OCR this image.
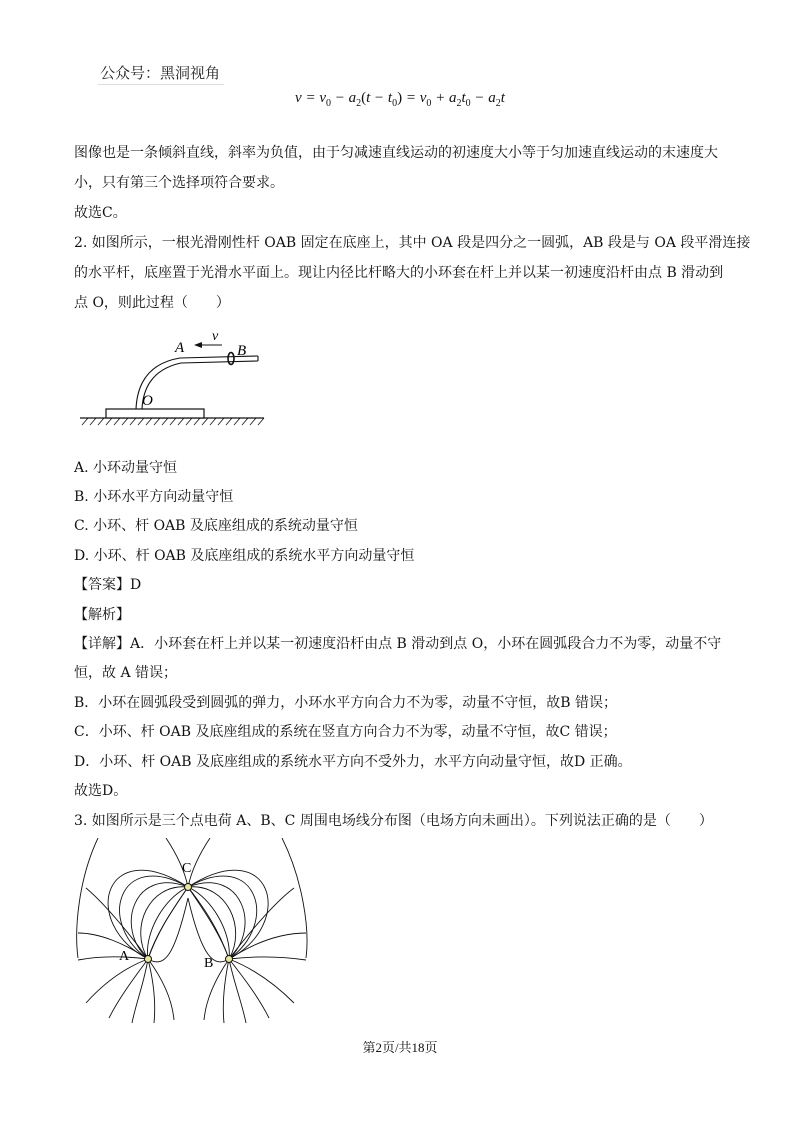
公众号：黑洞视角
$v = v_0 - a_2(t - t_0) = v_0 + a_2t_0 - a_2t$
图像也是一条倾斜直线，斜率为负值，由于匀减速直线运动的初速度大小等于匀加速直线运动的末速度大
小，只有第三个选择项符合要求。
故选C。
2. 如图所示，一根光滑刚性杆 OAB 固定在底座上，其中 OA 段是四分之一圆弧，AB 段是与 OA 段平滑连接
的水平杆，底座置于光滑水平面上。现让内径比杆略大的小环套在杆上并以某一初速度沿杆由点 B 滑动到
点 O，则此过程（　　）
v
A	B
O
A. 小环动量守恒
B. 小环水平方向动量守恒
C. 小环、杆 OAB 及底座组成的系统动量守恒
D. 小环、杆 OAB 及底座组成的系统水平方向动量守恒
【答案】D
【解析】
【详解】A．小环套在杆上并以某一初速度沿杆由点 B 滑动到点 O，小环在圆弧段合力不为零，动量不守
恒，故 A 错误；
B．小环在圆弧段受到圆弧的弹力，小环水平方向合力不为零，动量不守恒，故B 错误；
C．小环、杆 OAB 及底座组成的系统在竖直方向合力不为零，动量不守恒，故C 错误；
D．小环、杆 OAB 及底座组成的系统水平方向不受外力，水平方向动量守恒，故D 正确。
故选D。
3. 如图所示是三个点电荷 A、B、C 周围电场线分布图（电场方向未画出）。下列说法正确的是（　　）
C
A	B
第2页/共18页
